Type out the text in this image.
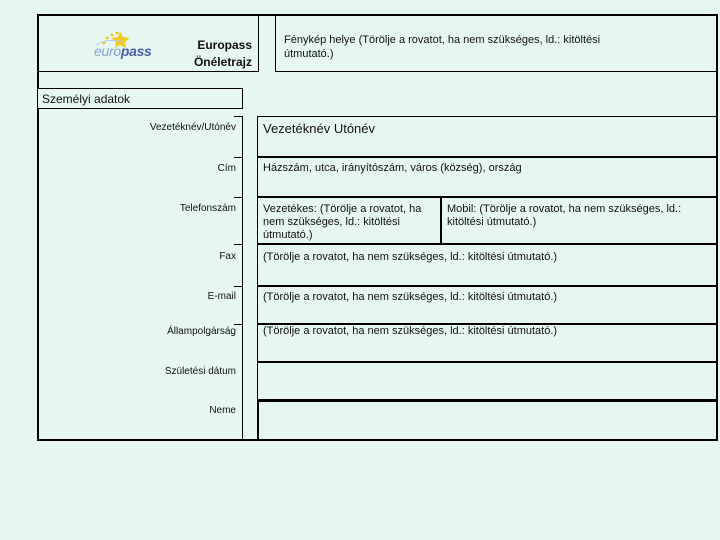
europass	Europass
Önéletrajz
Fénykép helye (Törölje a rovatot, ha nem szükséges, ld.: kitöltési útmutató.)
Személyi adatok
Vezetéknév/Utónév
Cím
Telefonszám
Fax
E-mail
Állampolgárság
Születési dátum
Neme
Vezetéknév Utónév
Házszám, utca, irányítószám, város (község), ország
Vezetékes: (Törölje a rovatot, ha nem szükséges, ld.: kitöltési útmutató.)
Mobil: (Törölje a rovatot, ha nem szükséges, ld.: kitöltési útmutató.)
(Törölje a rovatot, ha nem szükséges, ld.: kitöltési útmutató.)
(Törölje a rovatot, ha nem szükséges, ld.: kitöltési útmutató.)
(Törölje a rovatot, ha nem szükséges, ld.: kitöltési útmutató.)
